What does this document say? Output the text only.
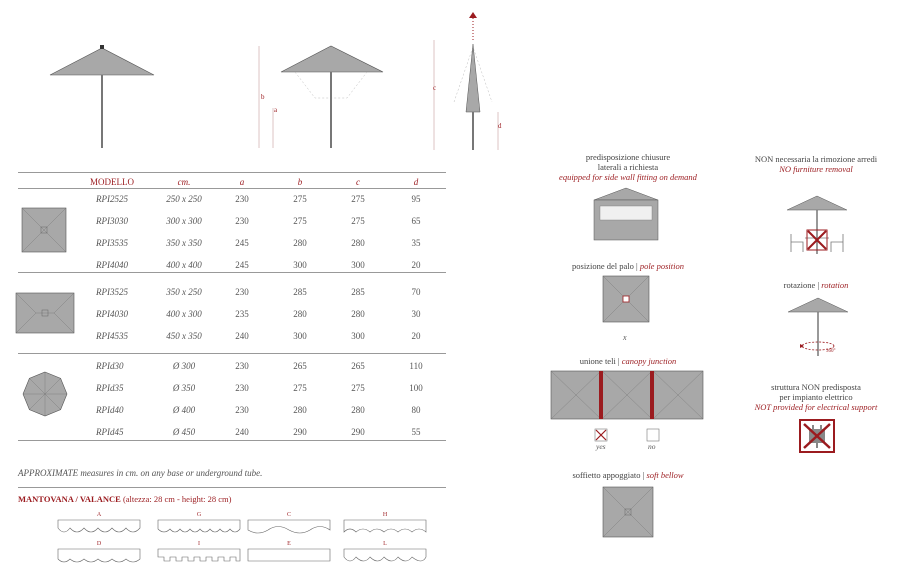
b
a
c
d
MODELLO	cm.	a	b	c	d
RPI2525	250 x 250	230	275	275	95
RPI3030	300 x 300	230	275	275	65
RPI3535	350 x 350	245	280	280	35
RPI4040	400 x 400	245	300	300	20
RPI3525	350 x 250	230	285	285	70
RPI4030	400 x 300	235	280	280	30
RPI4535	450 x 350	240	300	300	20
RPId30	Ø 300	230	265	265	110
RPId35	Ø 350	230	275	275	100
RPId40	Ø 400	230	280	280	80
RPId45	Ø 450	240	290	290	55
APPROXIMATE measures in cm. on any base or underground tube.
MANTOVANA / VALANCE (altezza: 28 cm - height: 28 cm)
A	G	C	H
D	I	E	L
predisposizione chiusure laterali a richiesta
equipped for side wall fitting on demand
posizione del palo | pole position
x
unione teli | canopy junction
yes	no
soffietto appoggiato | soft bellow
NON necessaria la rimozione arredi
NO furniture removal
rotazione | rotation
360°
struttura NON predisposta per impianto elettrico
NOT provided for electrical support
